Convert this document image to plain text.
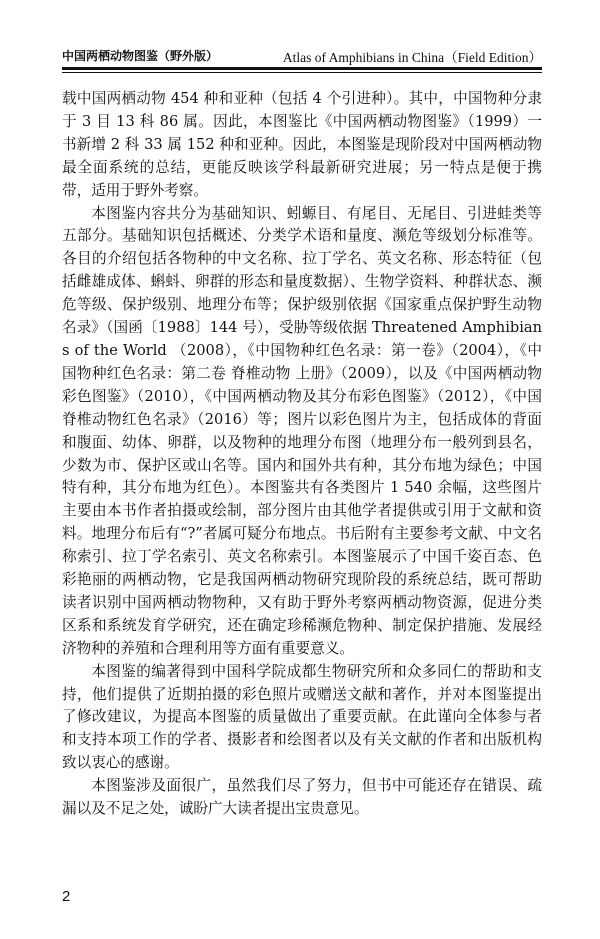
中国两栖动物图鉴（野外版）	Atlas of Amphibians in China（Field Edition）

载中国两栖动物 454 种和亚种（包括 4 个引进种）。其中，中国物种分隶于 3 目 13 科 86 属。因此，本图鉴比《中国两栖动物图鉴》（1999）一书新增 2 科 33 属 152 种和亚种。因此，本图鉴是现阶段对中国两栖动物最全面系统的总结，更能反映该学科最新研究进展；另一特点是便于携带，适用于野外考察。

本图鉴内容共分为基础知识、蚓螈目、有尾目、无尾目、引进蛙类等五部分。基础知识包括概述、分类学术语和量度、濒危等级划分标准等。各目的介绍包括各物种的中文名称、拉丁学名、英文名称、形态特征（包括雌雄成体、蝌蚪、卵群的形态和量度数据）、生物学资料、种群状态、濒危等级、保护级别、地理分布等；保护级别依据《国家重点保护野生动物名录》（国函〔1988〕144 号），受胁等级依据 Threatened Amphibians of the World （2008），《中国物种红色名录：第一卷》（2004），《中国物种红色名录：第二卷 脊椎动物 上册》（2009），以及《中国两栖动物彩色图鉴》（2010），《中国两栖动物及其分布彩色图鉴》（2012），《中国脊椎动物红色名录》（2016）等；图片以彩色图片为主，包括成体的背面和腹面、幼体、卵群，以及物种的地理分布图（地理分布一般列到县名，少数为市、保护区或山名等。国内和国外共有种，其分布地为绿色；中国特有种，其分布地为红色）。本图鉴共有各类图片 1 540 余幅，这些图片主要由本书作者拍摄或绘制，部分图片由其他学者提供或引用于文献和资料。地理分布后有“?”者属可疑分布地点。书后附有主要参考文献、中文名称索引、拉丁学名索引、英文名称索引。本图鉴展示了中国千姿百态、色彩艳丽的两栖动物，它是我国两栖动物研究现阶段的系统总结，既可帮助读者识别中国两栖动物物种，又有助于野外考察两栖动物资源，促进分类区系和系统发育学研究，还在确定珍稀濒危物种、制定保护措施、发展经济物种的养殖和合理利用等方面有重要意义。

本图鉴的编著得到中国科学院成都生物研究所和众多同仁的帮助和支持，他们提供了近期拍摄的彩色照片或赠送文献和著作，并对本图鉴提出了修改建议，为提高本图鉴的质量做出了重要贡献。在此谨向全体参与者和支持本项工作的学者、摄影者和绘图者以及有关文献的作者和出版机构致以衷心的感谢。

本图鉴涉及面很广，虽然我们尽了努力，但书中可能还存在错误、疏漏以及不足之处，诚盼广大读者提出宝贵意见。

2
